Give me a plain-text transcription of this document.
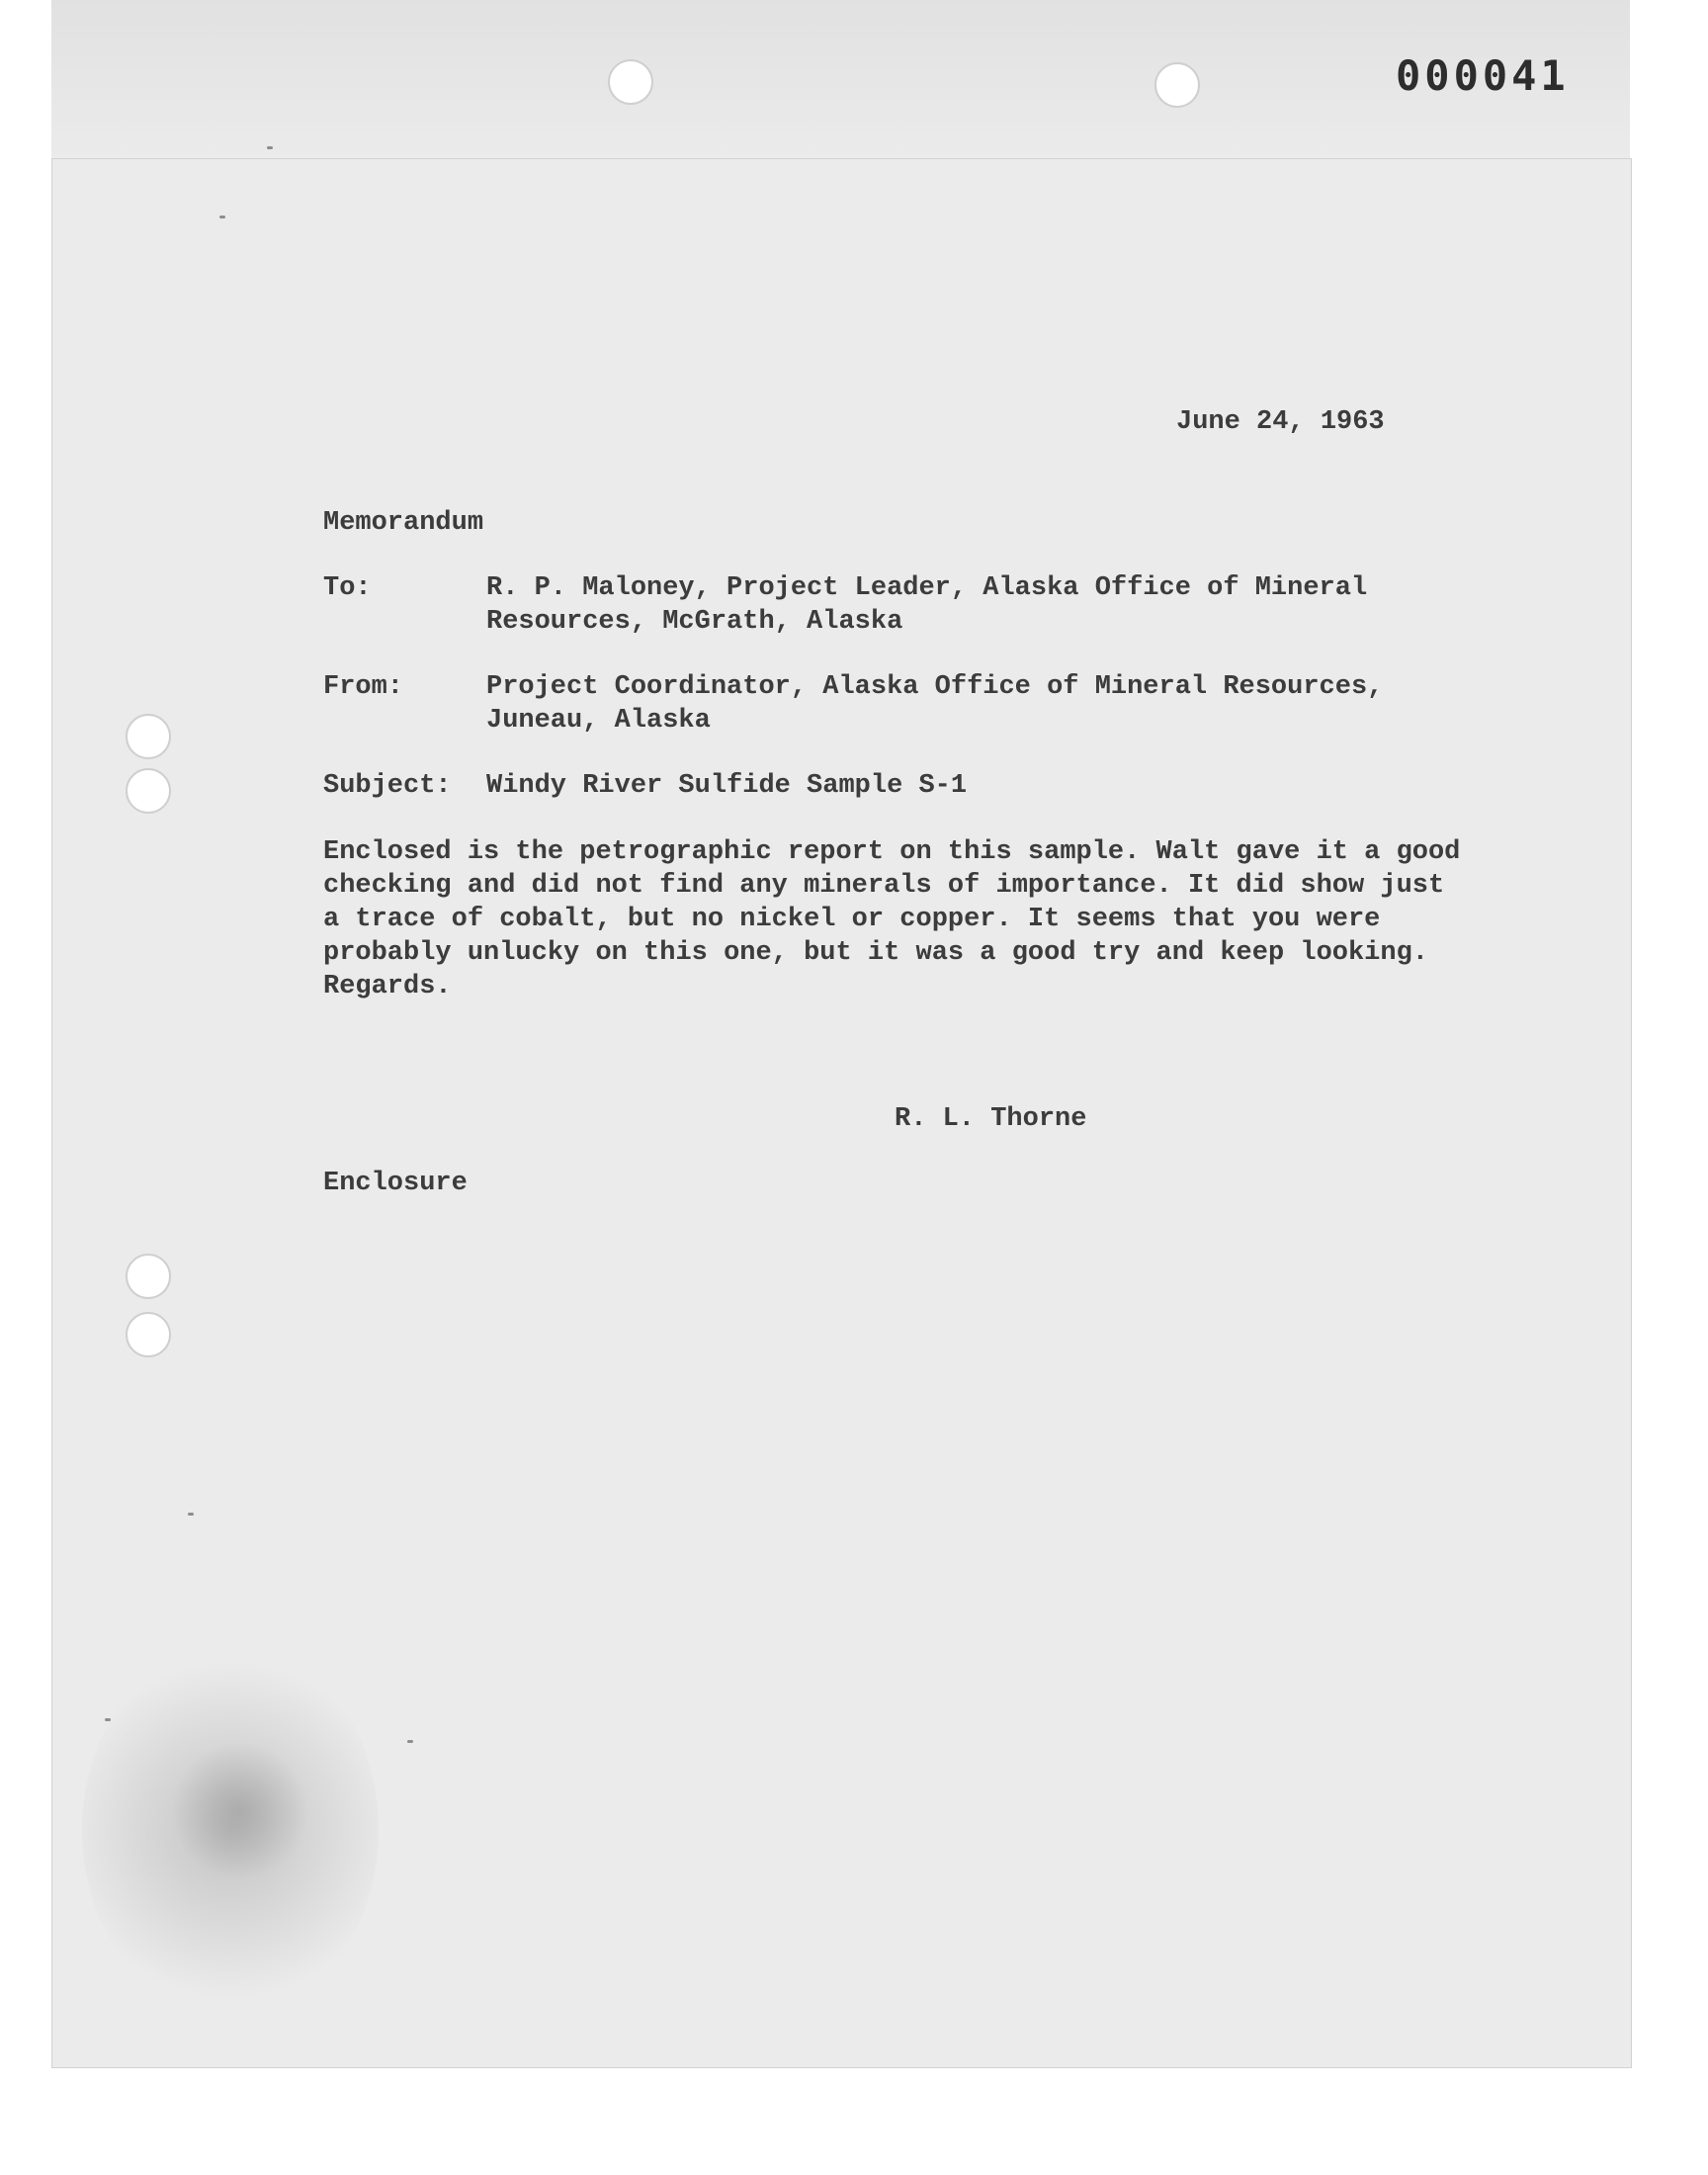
000041

June 24, 1963

Memorandum

To:	R. P. Maloney, Project Leader, Alaska Office of Mineral Resources, McGrath, Alaska

From:	Project Coordinator, Alaska Office of Mineral Resources, Juneau, Alaska

Subject: Windy River Sulfide Sample S-1

Enclosed is the petrographic report on this sample. Walt gave it a good checking and did not find any minerals of importance. It did show just a trace of cobalt, but no nickel or copper. It seems that you were probably unlucky on this one, but it was a good try and keep looking. Regards.

R. L. Thorne

Enclosure
